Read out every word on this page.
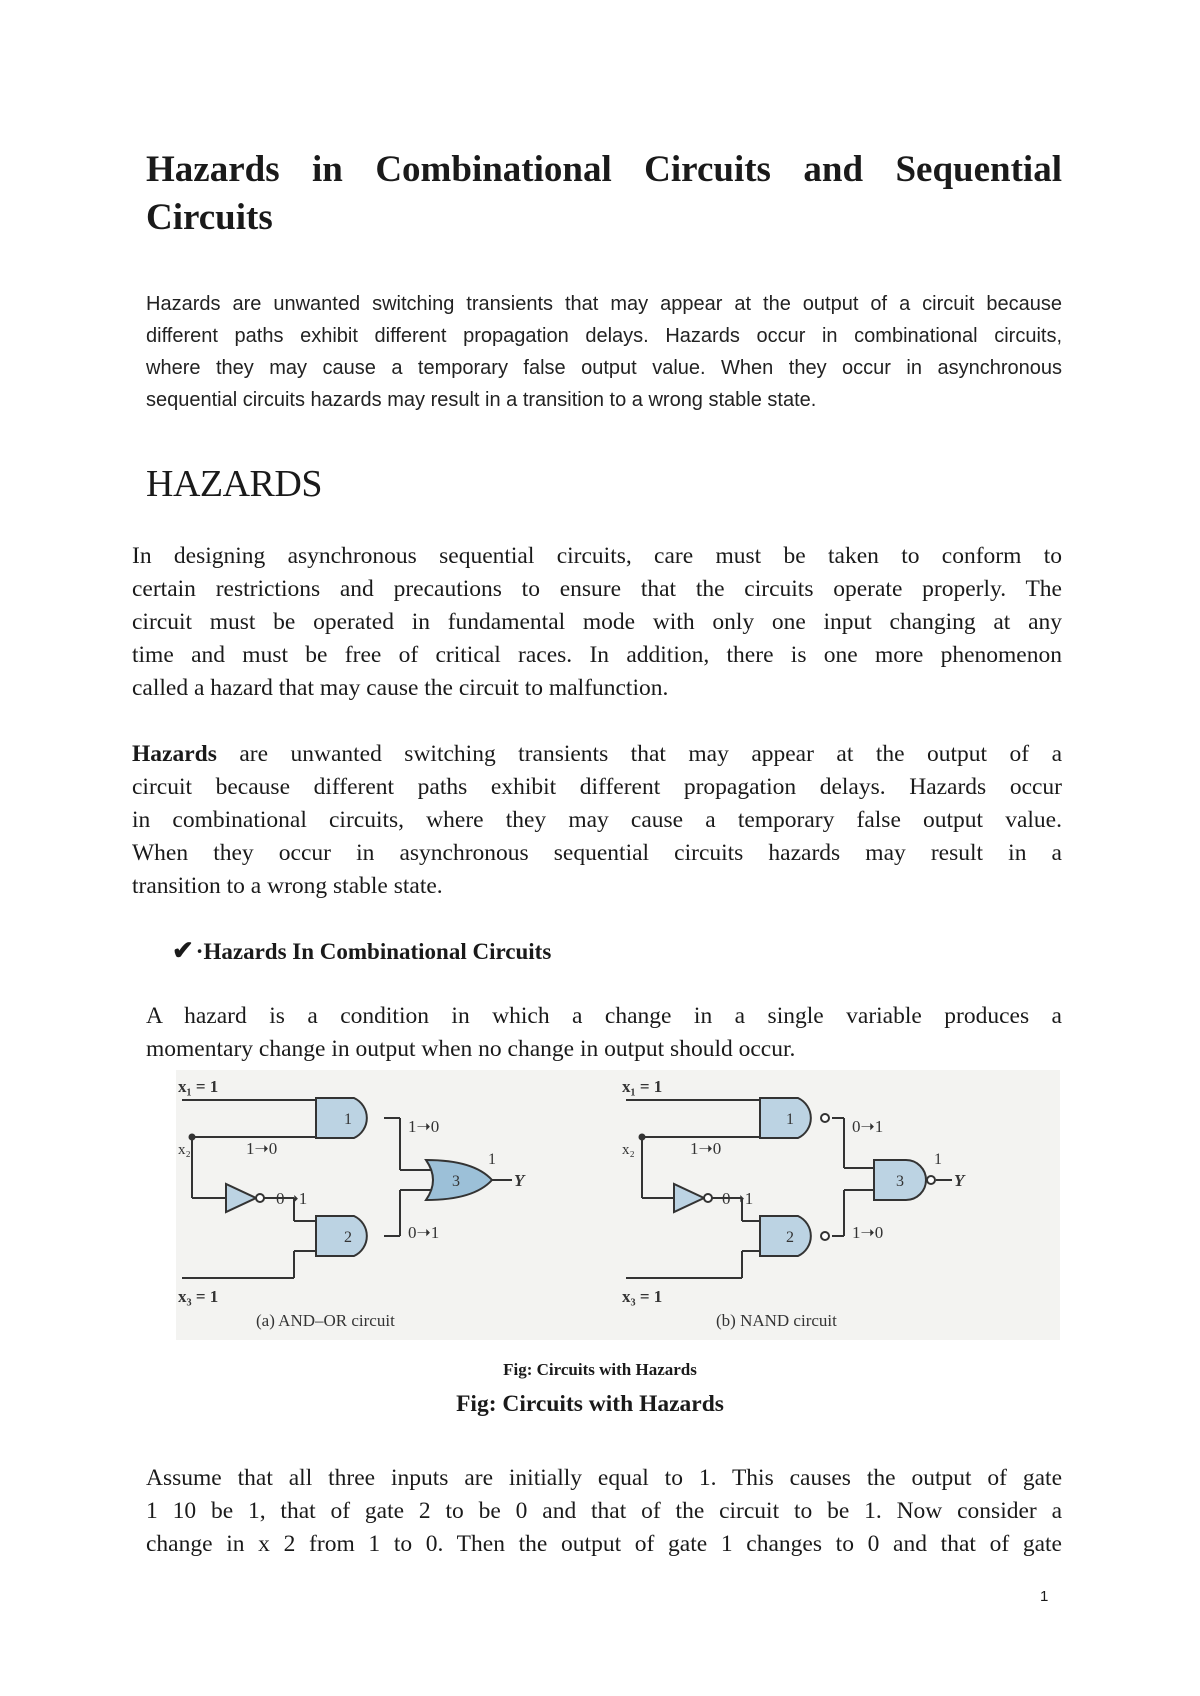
Hazards in Combinational Circuits and Sequential
Circuits
Hazards are unwanted switching transients that may appear at the output of a circuit because
different paths exhibit different propagation delays. Hazards occur in combinational circuits,
where they may cause a temporary false output value. When they occur in asynchronous
sequential circuits hazards may result in a transition to a wrong stable state.
HAZARDS
In designing asynchronous sequential circuits, care must be taken to conform to
certain restrictions and precautions to ensure that the circuits operate properly. The
circuit must be operated in fundamental mode with only one input changing at any
time and must be free of critical races. In addition, there is one more phenomenon
called a hazard that may cause the circuit to malfunction.
Hazards are unwanted switching transients that may appear at the output of a
circuit because different paths exhibit different propagation delays. Hazards occur
in combinational circuits, where they may cause a temporary false output value.
When they occur in asynchronous sequential circuits hazards may result in a
transition to a wrong stable state.
✔·Hazards In Combinational Circuits
A hazard is a condition in which a change in a single variable produces a
momentary change in output when no change in output should occur.
x₁ = 1
x₂
x₃ = 1
1
2
3
1➝0
0➝1
1➝0
0➝1
1
Y
(a) AND–OR circuit
x₁ = 1
x₂
x₃ = 1
1
2
3
1➝0
0➝1
0➝1
1➝0
1
Y
(b) NAND circuit
Fig: Circuits with Hazards
Fig: Circuits with Hazards
Assume that all three inputs are initially equal to 1. This causes the output of gate
1 10 be 1, that of gate 2 to be 0 and that of the circuit to be 1. Now consider a
change in x 2 from 1 to 0. Then the output of gate 1 changes to 0 and that of gate
1
